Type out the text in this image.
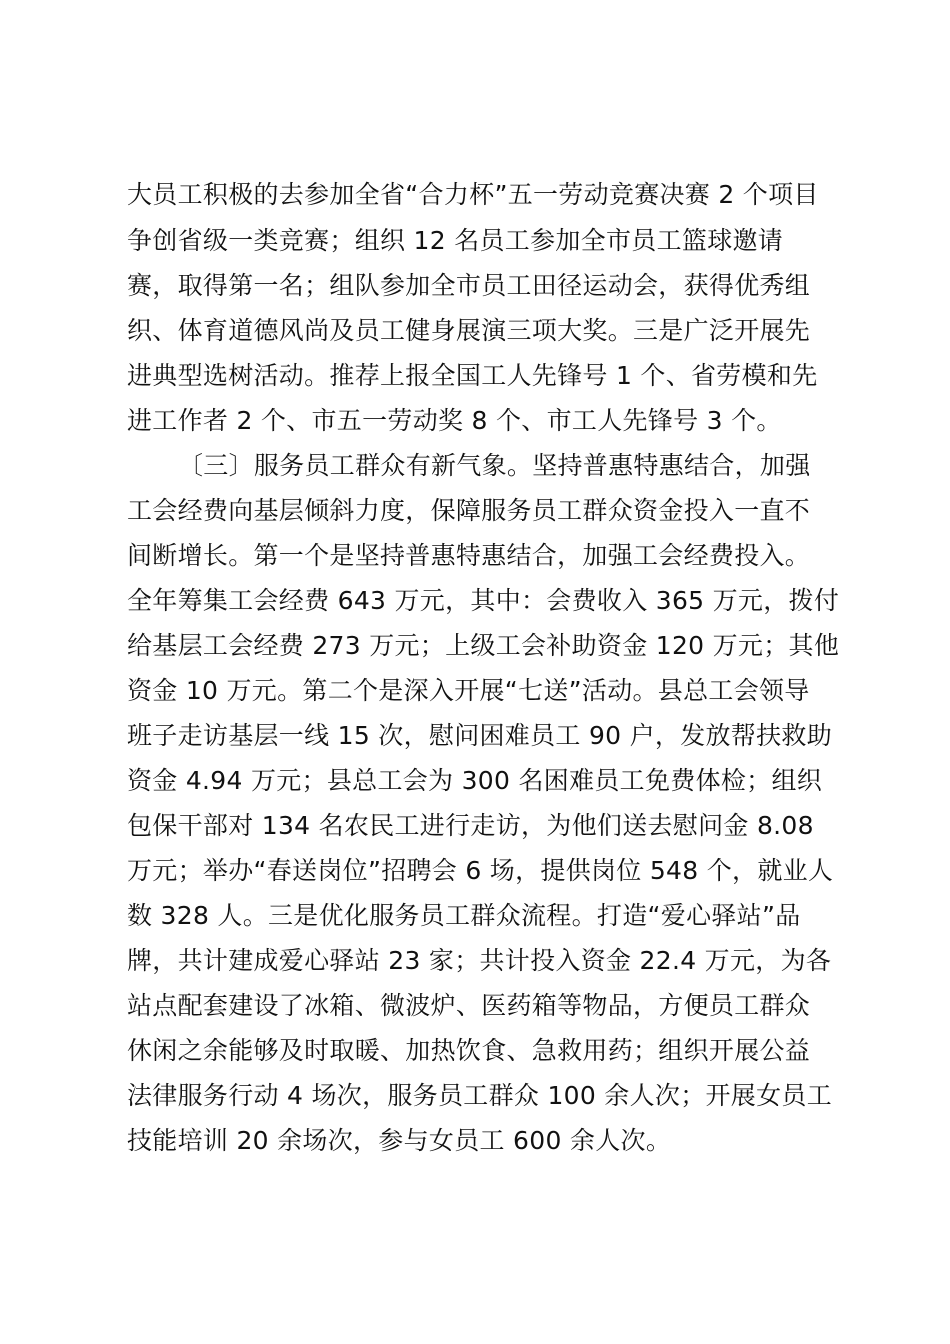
大员工积极的去参加全省“合力杯”五一劳动竞赛决赛 2 个项目
争创省级一类竞赛；组织 12 名员工参加全市员工篮球邀请
赛，取得第一名；组队参加全市员工田径运动会，获得优秀组
织、体育道德风尚及员工健身展演三项大奖。三是广泛开展先
进典型选树活动。推荐上报全国工人先锋号 1 个、省劳模和先
进工作者 2 个、市五一劳动奖 8 个、市工人先锋号 3 个。
〔三〕服务员工群众有新气象。坚持普惠特惠结合，加强
工会经费向基层倾斜力度，保障服务员工群众资金投入一直不
间断增长。第一个是坚持普惠特惠结合，加强工会经费投入。
全年筹集工会经费 643 万元，其中：会费收入 365 万元，拨付
给基层工会经费 273 万元；上级工会补助资金 120 万元；其他
资金 10 万元。第二个是深入开展“七送”活动。县总工会领导
班子走访基层一线 15 次，慰问困难员工 90 户，发放帮扶救助
资金 4.94 万元；县总工会为 300 名困难员工免费体检；组织
包保干部对 134 名农民工进行走访，为他们送去慰问金 8.08
万元；举办“春送岗位”招聘会 6 场，提供岗位 548 个，就业人
数 328 人。三是优化服务员工群众流程。打造“爱心驿站”品
牌，共计建成爱心驿站 23 家；共计投入资金 22.4 万元，为各
站点配套建设了冰箱、微波炉、医药箱等物品，方便员工群众
休闲之余能够及时取暖、加热饮食、急救用药；组织开展公益
法律服务行动 4 场次，服务员工群众 100 余人次；开展女员工
技能培训 20 余场次，参与女员工 600 余人次。
